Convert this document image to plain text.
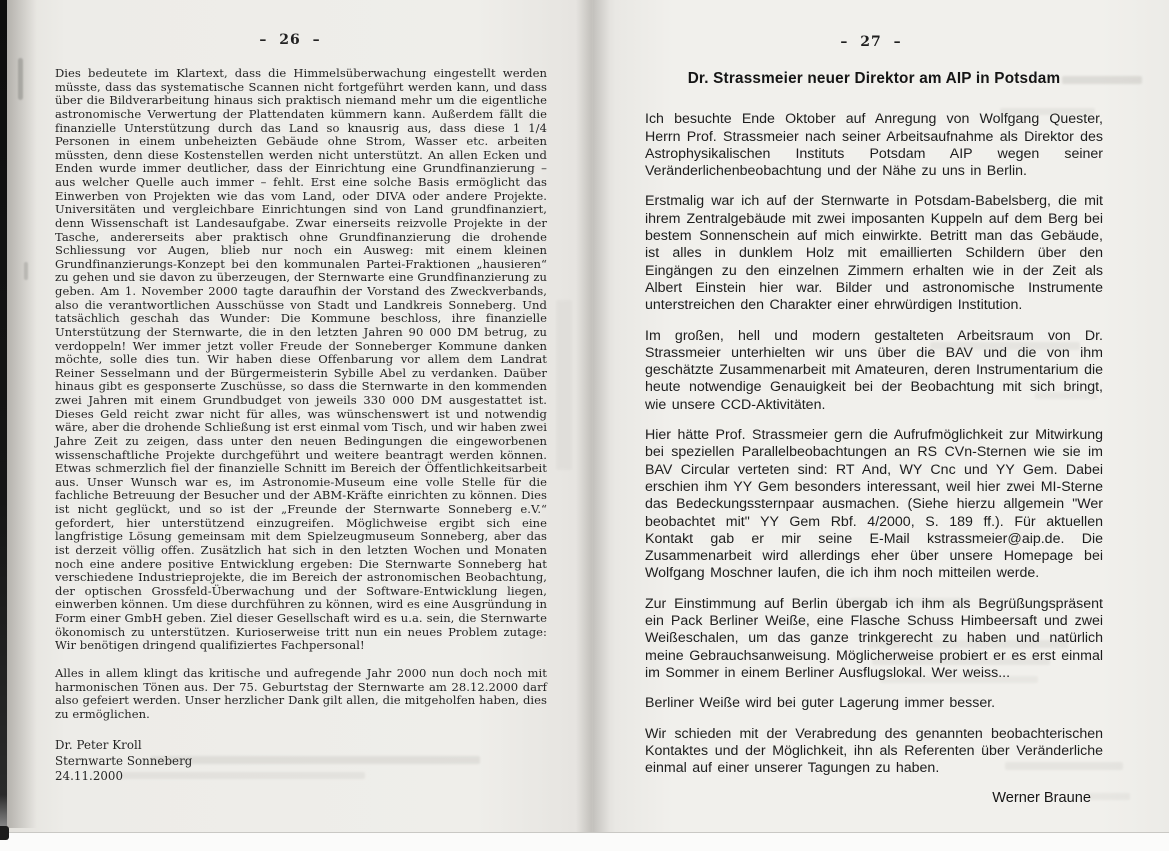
– 26 –
Dies bedeutete im Klartext, dass die Himmelsüberwachung eingestellt werden müsste, dass das systematische Scannen nicht fortgeführt werden kann, und dass über die Bildverarbeitung hinaus sich praktisch niemand mehr um die eigentliche astronomische Verwertung der Plattendaten kümmern kann. Außerdem fällt die finanzielle Unterstützung durch das Land so knausrig aus, dass diese 1 1/4 Personen in einem unbeheizten Gebäude ohne Strom, Wasser etc. arbeiten müssten, denn diese Kostenstellen werden nicht unterstützt. An allen Ecken und Enden wurde immer deutlicher, dass der Einrichtung eine Grundfinanzierung – aus welcher Quelle auch immer – fehlt. Erst eine solche Basis ermöglicht das Einwerben von Projekten wie das vom Land, oder DIVA oder andere Projekte. Universitäten und vergleichbare Einrichtungen sind von Land grundfinanziert, denn Wissenschaft ist Landesaufgabe. Zwar einerseits reizvolle Projekte in der Tasche, andererseits aber praktisch ohne Grundfinanzierung die drohende Schliessung vor Augen, blieb nur noch ein Ausweg: mit einem kleinen Grundfinanzierungs-Konzept bei den kommunalen Partei-Fraktionen „hausieren“ zu gehen und sie davon zu überzeugen, der Sternwarte eine Grundfinanzierung zu geben. Am 1. November 2000 tagte daraufhin der Vorstand des Zweckverbands, also die verantwortlichen Ausschüsse von Stadt und Landkreis Sonneberg. Und tatsächlich geschah das Wunder: Die Kommune beschloss, ihre finanzielle Unterstützung der Sternwarte, die in den letzten Jahren 90 000 DM betrug, zu verdoppeln! Wer immer jetzt voller Freude der Sonneberger Kommune danken möchte, solle dies tun. Wir haben diese Offenbarung vor allem dem Landrat Reiner Sesselmann und der Bürgermeisterin Sybille Abel zu verdanken. Daüber hinaus gibt es gesponserte Zuschüsse, so dass die Sternwarte in den kommenden zwei Jahren mit einem Grundbudget von jeweils 330 000 DM ausgestattet ist. Dieses Geld reicht zwar nicht für alles, was wünschenswert ist und notwendig wäre, aber die drohende Schließung ist erst einmal vom Tisch, und wir haben zwei Jahre Zeit zu zeigen, dass unter den neuen Bedingungen die eingeworbenen wissenschaftliche Projekte durchgeführt und weitere beantragt werden können. Etwas schmerzlich fiel der finanzielle Schnitt im Bereich der Öffentlichkeitsarbeit aus. Unser Wunsch war es, im Astronomie-Museum eine volle Stelle für die fachliche Betreuung der Besucher und der ABM-Kräfte einrichten zu können. Dies ist nicht geglückt, und so ist der „Freunde der Sternwarte Sonneberg e.V.“ gefordert, hier unterstützend einzugreifen. Möglichweise ergibt sich eine langfristige Lösung gemeinsam mit dem Spielzeugmuseum Sonneberg, aber das ist derzeit völlig offen. Zusätzlich hat sich in den letzten Wochen und Monaten noch eine andere positive Entwicklung ergeben: Die Sternwarte Sonneberg hat verschiedene Industrieprojekte, die im Bereich der astronomischen Beobachtung, der optischen Grossfeld-Überwachung und der Software-Entwicklung liegen, einwerben können. Um diese durchführen zu können, wird es eine Ausgründung in Form einer GmbH geben. Ziel dieser Gesellschaft wird es u.a. sein, die Sternwarte ökonomisch zu unterstützen. Kurioserweise tritt nun ein neues Problem zutage: Wir benötigen dringend qualifiziertes Fachpersonal!
Alles in allem klingt das kritische und aufregende Jahr 2000 nun doch noch mit harmonischen Tönen aus. Der 75. Geburtstag der Sternwarte am 28.12.2000 darf also gefeiert werden. Unser herzlicher Dank gilt allen, die mitgeholfen haben, dies zu ermöglichen.
Dr. Peter Kroll
Sternwarte Sonneberg
24.11.2000
– 27 –
Dr. Strassmeier neuer Direktor am AIP in Potsdam

Ich besuchte Ende Oktober auf Anregung von Wolfgang Quester, Herrn Prof. Strassmeier nach seiner Arbeitsaufnahme als Direktor des Astrophysikalischen Instituts Potsdam AIP wegen seiner Veränderlichenbeobachtung und der Nähe zu uns in Berlin.

Erstmalig war ich auf der Sternwarte in Potsdam-Babelsberg, die mit ihrem Zentralgebäude mit zwei imposanten Kuppeln auf dem Berg bei bestem Sonnenschein auf mich einwirkte. Betritt man das Gebäude, ist alles in dunklem Holz mit emaillierten Schildern über den Eingängen zu den einzelnen Zimmern erhalten wie in der Zeit als Albert Einstein hier war. Bilder und astronomische Instrumente unterstreichen den Charakter einer ehrwürdigen Institution.

Im großen, hell und modern gestalteten Arbeitsraum von Dr. Strassmeier unterhielten wir uns über die BAV und die von ihm geschätzte Zusammenarbeit mit Amateuren, deren Instrumentarium die heute notwendige Genauigkeit bei der Beobachtung mit sich bringt, wie unsere CCD-Aktivitäten.

Hier hätte Prof. Strassmeier gern die Aufrufmöglichkeit zur Mitwirkung bei speziellen Parallelbeobachtungen an RS CVn-Sternen wie sie im BAV Circular verteten sind: RT And, WY Cnc und YY Gem. Dabei erschien ihm YY Gem besonders interessant, weil hier zwei MI-Sterne das Bedeckungssternpaar ausmachen. (Siehe hierzu allgemein "Wer beobachtet mit" YY Gem Rbf. 4/2000, S. 189 ff.). Für aktuellen Kontakt gab er mir seine E-Mail kstrassmeier@aip.de. Die Zusammenarbeit wird allerdings eher über unsere Homepage bei Wolfgang Moschner laufen, die ich ihm noch mitteilen werde.

Zur Einstimmung auf Berlin übergab ich ihm als Begrüßungspräsent ein Pack Berliner Weiße, eine Flasche Schuss Himbeersaft und zwei Weißeschalen, um das ganze trinkgerecht zu haben und natürlich meine Gebrauchsanweisung. Möglicherweise probiert er es erst einmal im Sommer in einem Berliner Ausflugslokal. Wer weiss...

Berliner Weiße wird bei guter Lagerung immer besser.

Wir schieden mit der Verabredung des genannten beobachterischen Kontaktes und der Möglichkeit, ihn als Referenten über Veränderliche einmal auf einer unserer Tagungen zu haben.

Werner Braune
